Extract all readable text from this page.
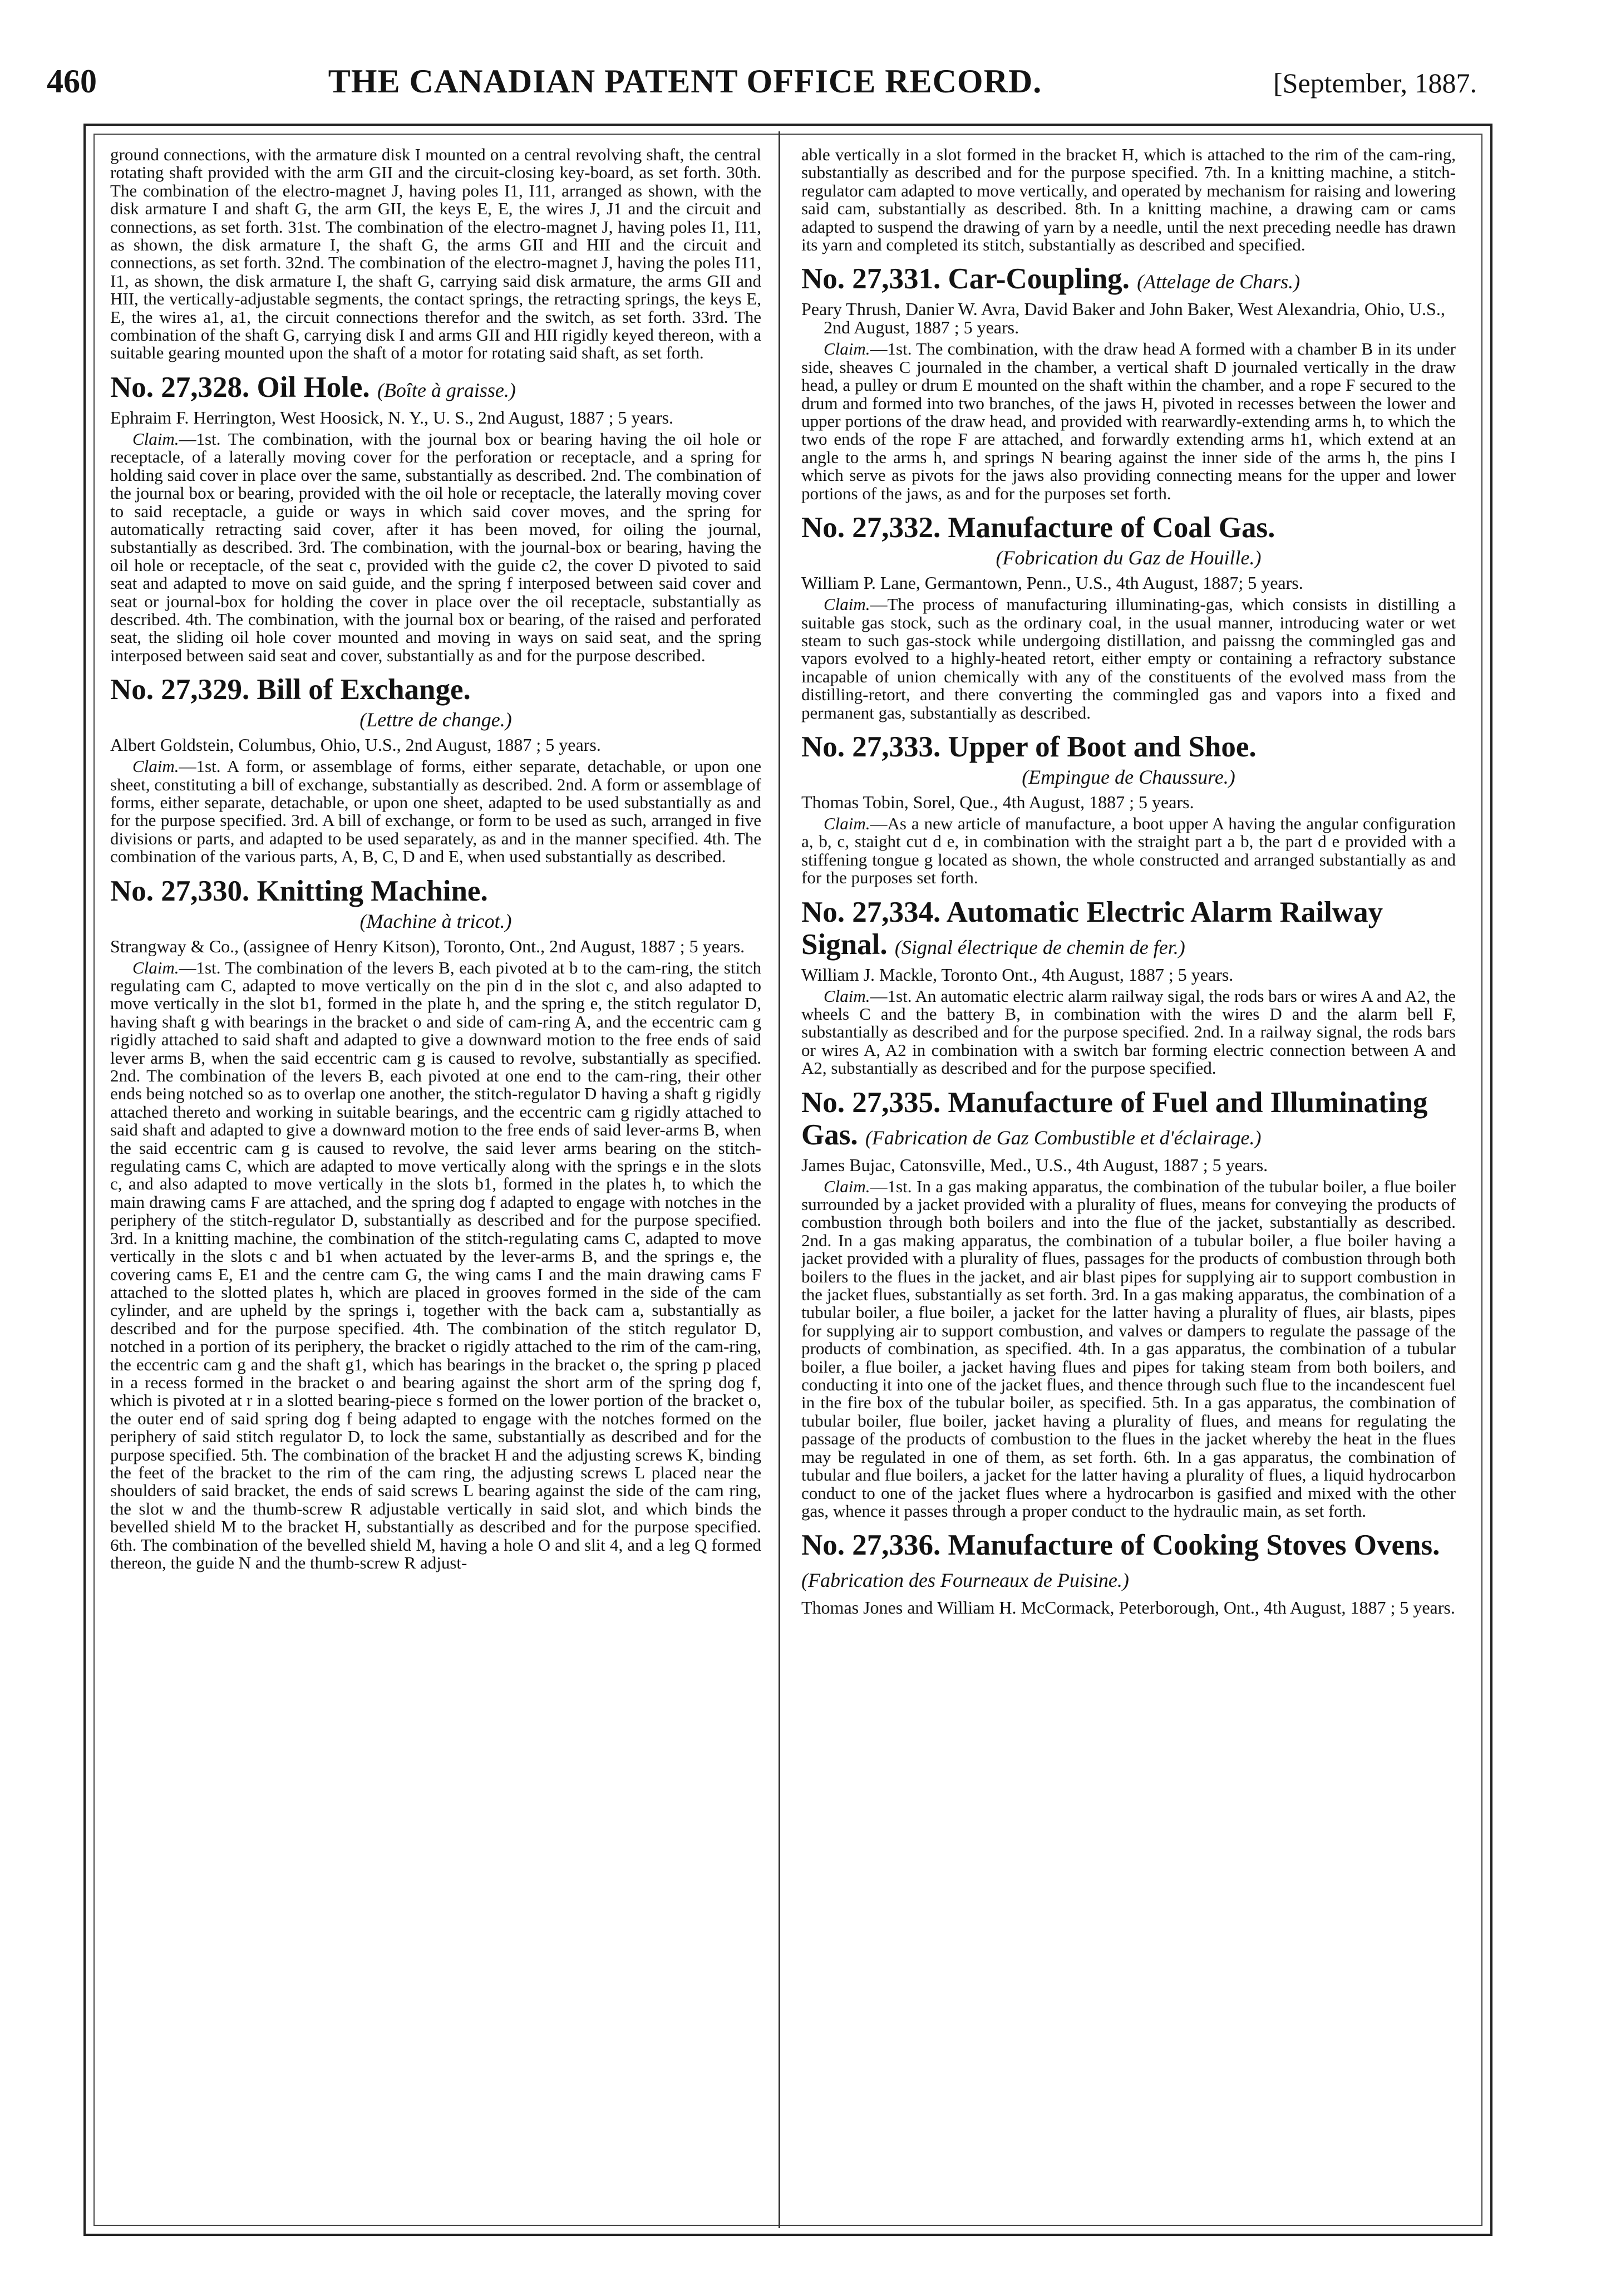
460	THE CANADIAN PATENT OFFICE RECORD.	[September, 1887.

ground connections, with the armature disk I mounted on a central revolving shaft, the central rotating shaft provided with the arm GII and the circuit-closing key-board, as set forth. 30th. The combination of the electro-magnet J, having poles I1, I11, arranged as shown, with the disk armature I and shaft G, the arm GII, the keys E, E, the wires J, J1 and the circuit and connections, as set forth. 31st. The combination of the electro-magnet J, having poles I1, I11, as shown, the disk armature I, the shaft G, the arms GII and HII and the circuit and connections, as set forth. 32nd. The combination of the electro-magnet J, having the poles I11, I1, as shown, the disk armature I, the shaft G, carrying said disk armature, the arms GII and HII, the vertically-adjustable segments, the contact springs, the retracting springs, the keys E, E, the wires a1, a1, the circuit connections therefor and the switch, as set forth. 33rd. The combination of the shaft G, carrying disk I and arms GII and HII rigidly keyed thereon, with a suitable gearing mounted upon the shaft of a motor for rotating said shaft, as set forth.

No. 27,328. Oil Hole. (Boîte à graisse.)
Ephraim F. Herrington, West Hoosick, N. Y., U. S., 2nd August, 1887 ; 5 years.

Claim.—1st. The combination, with the journal box or bearing having the oil hole or receptacle, of a laterally moving cover for the perforation or receptacle, and a spring for holding said cover in place over the same, substantially as described. 2nd. The combination of the journal box or bearing, provided with the oil hole or receptacle, the laterally moving cover to said receptacle, a guide or ways in which said cover moves, and the spring for automatically retracting said cover, after it has been moved, for oiling the journal, substantially as described. 3rd. The combination, with the journal-box or bearing, having the oil hole or receptacle, of the seat c, provided with the guide c2, the cover D pivoted to said seat and adapted to move on said guide, and the spring f interposed between said cover and seat or journal-box for holding the cover in place over the oil receptacle, substantially as described. 4th. The combination, with the journal box or bearing, of the raised and perforated seat, the sliding oil hole cover mounted and moving in ways on said seat, and the spring interposed between said seat and cover, substantially as and for the purpose described.

No. 27,329. Bill of Exchange.
(Lettre de change.)
Albert Goldstein, Columbus, Ohio, U.S., 2nd August, 1887 ; 5 years.

Claim.—1st. A form, or assemblage of forms, either separate, detachable, or upon one sheet, constituting a bill of exchange, substantially as described. 2nd. A form or assemblage of forms, either separate, detachable, or upon one sheet, adapted to be used substantially as and for the purpose specified. 3rd. A bill of exchange, or form to be used as such, arranged in five divisions or parts, and adapted to be used separately, as and in the manner specified. 4th. The combination of the various parts, A, B, C, D and E, when used substantially as described.

No. 27,330. Knitting Machine.
(Machine à tricot.)
Strangway & Co., (assignee of Henry Kitson), Toronto, Ont., 2nd August, 1887 ; 5 years.

Claim.—1st. The combination of the levers B, each pivoted at b to the cam-ring, the stitch regulating cam C, adapted to move vertically on the pin d in the slot c, and also adapted to move vertically in the slot b1, formed in the plate h, and the spring e, the stitch regulator D, having shaft g with bearings in the bracket o and side of cam-ring A, and the eccentric cam g rigidly attached to said shaft and adapted to give a downward motion to the free ends of said lever arms B, when the said eccentric cam g is caused to revolve, substantially as specified. 2nd. The combination of the levers B, each pivoted at one end to the cam-ring, their other ends being notched so as to overlap one another, the stitch-regulator D having a shaft g rigidly attached thereto and working in suitable bearings, and the eccentric cam g rigidly attached to said shaft and adapted to give a downward motion to the free ends of said lever-arms B, when the said eccentric cam g is caused to revolve, the said lever arms bearing on the stitch-regulating cams C, which are adapted to move vertically along with the springs e in the slots c, and also adapted to move vertically in the slots b1, formed in the plates h, to which the main drawing cams F are attached, and the spring dog f adapted to engage with notches in the periphery of the stitch-regulator D, substantially as described and for the purpose specified. 3rd. In a knitting machine, the combination of the stitch-regulating cams C, adapted to move vertically in the slots c and b1 when actuated by the lever-arms B, and the springs e, the covering cams E, E1 and the centre cam G, the wing cams I and the main drawing cams F attached to the slotted plates h, which are placed in grooves formed in the side of the cam cylinder, and are upheld by the springs i, together with the back cam a, substantially as described and for the purpose specified. 4th. The combination of the stitch regulator D, notched in a portion of its periphery, the bracket o rigidly attached to the rim of the cam-ring, the eccentric cam g and the shaft g1, which has bearings in the bracket o, the spring p placed in a recess formed in the bracket o and bearing against the short arm of the spring dog f, which is pivoted at r in a slotted bearing-piece s formed on the lower portion of the bracket o, the outer end of said spring dog f being adapted to engage with the notches formed on the periphery of said stitch regulator D, to lock the same, substantially as described and for the purpose specified. 5th. The combination of the bracket H and the adjusting screws K, binding the feet of the bracket to the rim of the cam ring, the adjusting screws L placed near the shoulders of said bracket, the ends of said screws L bearing against the side of the cam ring, the slot w and the thumb-screw R adjustable vertically in said slot, and which binds the bevelled shield M to the bracket H, substantially as described and for the purpose specified. 6th. The combination of the bevelled shield M, having a hole O and slit 4, and a leg Q formed thereon, the guide N and the thumb-screw R adjust-

able vertically in a slot formed in the bracket H, which is attached to the rim of the cam-ring, substantially as described and for the purpose specified. 7th. In a knitting machine, a stitch-regulator cam adapted to move vertically, and operated by mechanism for raising and lowering said cam, substantially as described. 8th. In a knitting machine, a drawing cam or cams adapted to suspend the drawing of yarn by a needle, until the next preceding needle has drawn its yarn and completed its stitch, substantially as described and specified.

No. 27,331. Car-Coupling. (Attelage de Chars.)
Peary Thrush, Danier W. Avra, David Baker and John Baker, West Alexandria, Ohio, U.S., 2nd August, 1887 ; 5 years.

Claim.—1st. The combination, with the draw head A formed with a chamber B in its under side, sheaves C journaled in the chamber, a vertical shaft D journaled vertically in the draw head, a pulley or drum E mounted on the shaft within the chamber, and a rope F secured to the drum and formed into two branches, of the jaws H, pivoted in recesses between the lower and upper portions of the draw head, and provided with rearwardly-extending arms h, to which the two ends of the rope F are attached, and forwardly extending arms h1, which extend at an angle to the arms h, and springs N bearing against the inner side of the arms h, the pins I which serve as pivots for the jaws also providing connecting means for the upper and lower portions of the jaws, as and for the purposes set forth.

No. 27,332. Manufacture of Coal Gas.
(Fobrication du Gaz de Houille.)
William P. Lane, Germantown, Penn., U.S., 4th August, 1887; 5 years.

Claim.—The process of manufacturing illuminating-gas, which consists in distilling a suitable gas stock, such as the ordinary coal, in the usual manner, introducing water or wet steam to such gas-stock while undergoing distillation, and paissng the commingled gas and vapors evolved to a highly-heated retort, either empty or containing a refractory substance incapable of union chemically with any of the constituents of the evolved mass from the distilling-retort, and there converting the commingled gas and vapors into a fixed and permanent gas, substantially as described.

No. 27,333. Upper of Boot and Shoe.
(Empingue de Chaussure.)
Thomas Tobin, Sorel, Que., 4th August, 1887 ; 5 years.

Claim.—As a new article of manufacture, a boot upper A having the angular configuration a, b, c, staight cut d e, in combination with the straight part a b, the part d e provided with a stiffening tongue g located as shown, the whole constructed and arranged substantially as and for the purposes set forth.

No. 27,334. Automatic Electric Alarm Railway Signal. (Signal électrique de chemin de fer.)
William J. Mackle, Toronto Ont., 4th August, 1887 ; 5 years.

Claim.—1st. An automatic electric alarm railway sigal, the rods bars or wires A and A2, the wheels C and the battery B, in combination with the wires D and the alarm bell F, substantially as described and for the purpose specified. 2nd. In a railway signal, the rods bars or wires A, A2 in combination with a switch bar forming electric connection between A and A2, substantially as described and for the purpose specified.

No. 27,335. Manufacture of Fuel and Illuminating Gas. (Fabrication de Gaz Combustible et d'éclairage.)
James Bujac, Catonsville, Med., U.S., 4th August, 1887 ; 5 years.

Claim.—1st. In a gas making apparatus, the combination of the tubular boiler, a flue boiler surrounded by a jacket provided with a plurality of flues, means for conveying the products of combustion through both boilers and into the flue of the jacket, substantially as described. 2nd. In a gas making apparatus, the combination of a tubular boiler, a flue boiler having a jacket provided with a plurality of flues, passages for the products of combustion through both boilers to the flues in the jacket, and air blast pipes for supplying air to support combustion in the jacket flues, substantially as set forth. 3rd. In a gas making apparatus, the combination of a tubular boiler, a flue boiler, a jacket for the latter having a plurality of flues, air blasts, pipes for supplying air to support combustion, and valves or dampers to regulate the passage of the products of combination, as specified. 4th. In a gas apparatus, the combination of a tubular boiler, a flue boiler, a jacket having flues and pipes for taking steam from both boilers, and conducting it into one of the jacket flues, and thence through such flue to the incandescent fuel in the fire box of the tubular boiler, as specified. 5th. In a gas apparatus, the combination of tubular boiler, flue boiler, jacket having a plurality of flues, and means for regulating the passage of the products of combustion to the flues in the jacket whereby the heat in the flues may be regulated in one of them, as set forth. 6th. In a gas apparatus, the combination of tubular and flue boilers, a jacket for the latter having a plurality of flues, a liquid hydrocarbon conduct to one of the jacket flues where a hydrocarbon is gasified and mixed with the other gas, whence it passes through a proper conduct to the hydraulic main, as set forth.

No. 27,336. Manufacture of Cooking Stoves Ovens. (Fabrication des Fourneaux de Puisine.)
Thomas Jones and William H. McCormack, Peterborough, Ont., 4th August, 1887 ; 5 years.
